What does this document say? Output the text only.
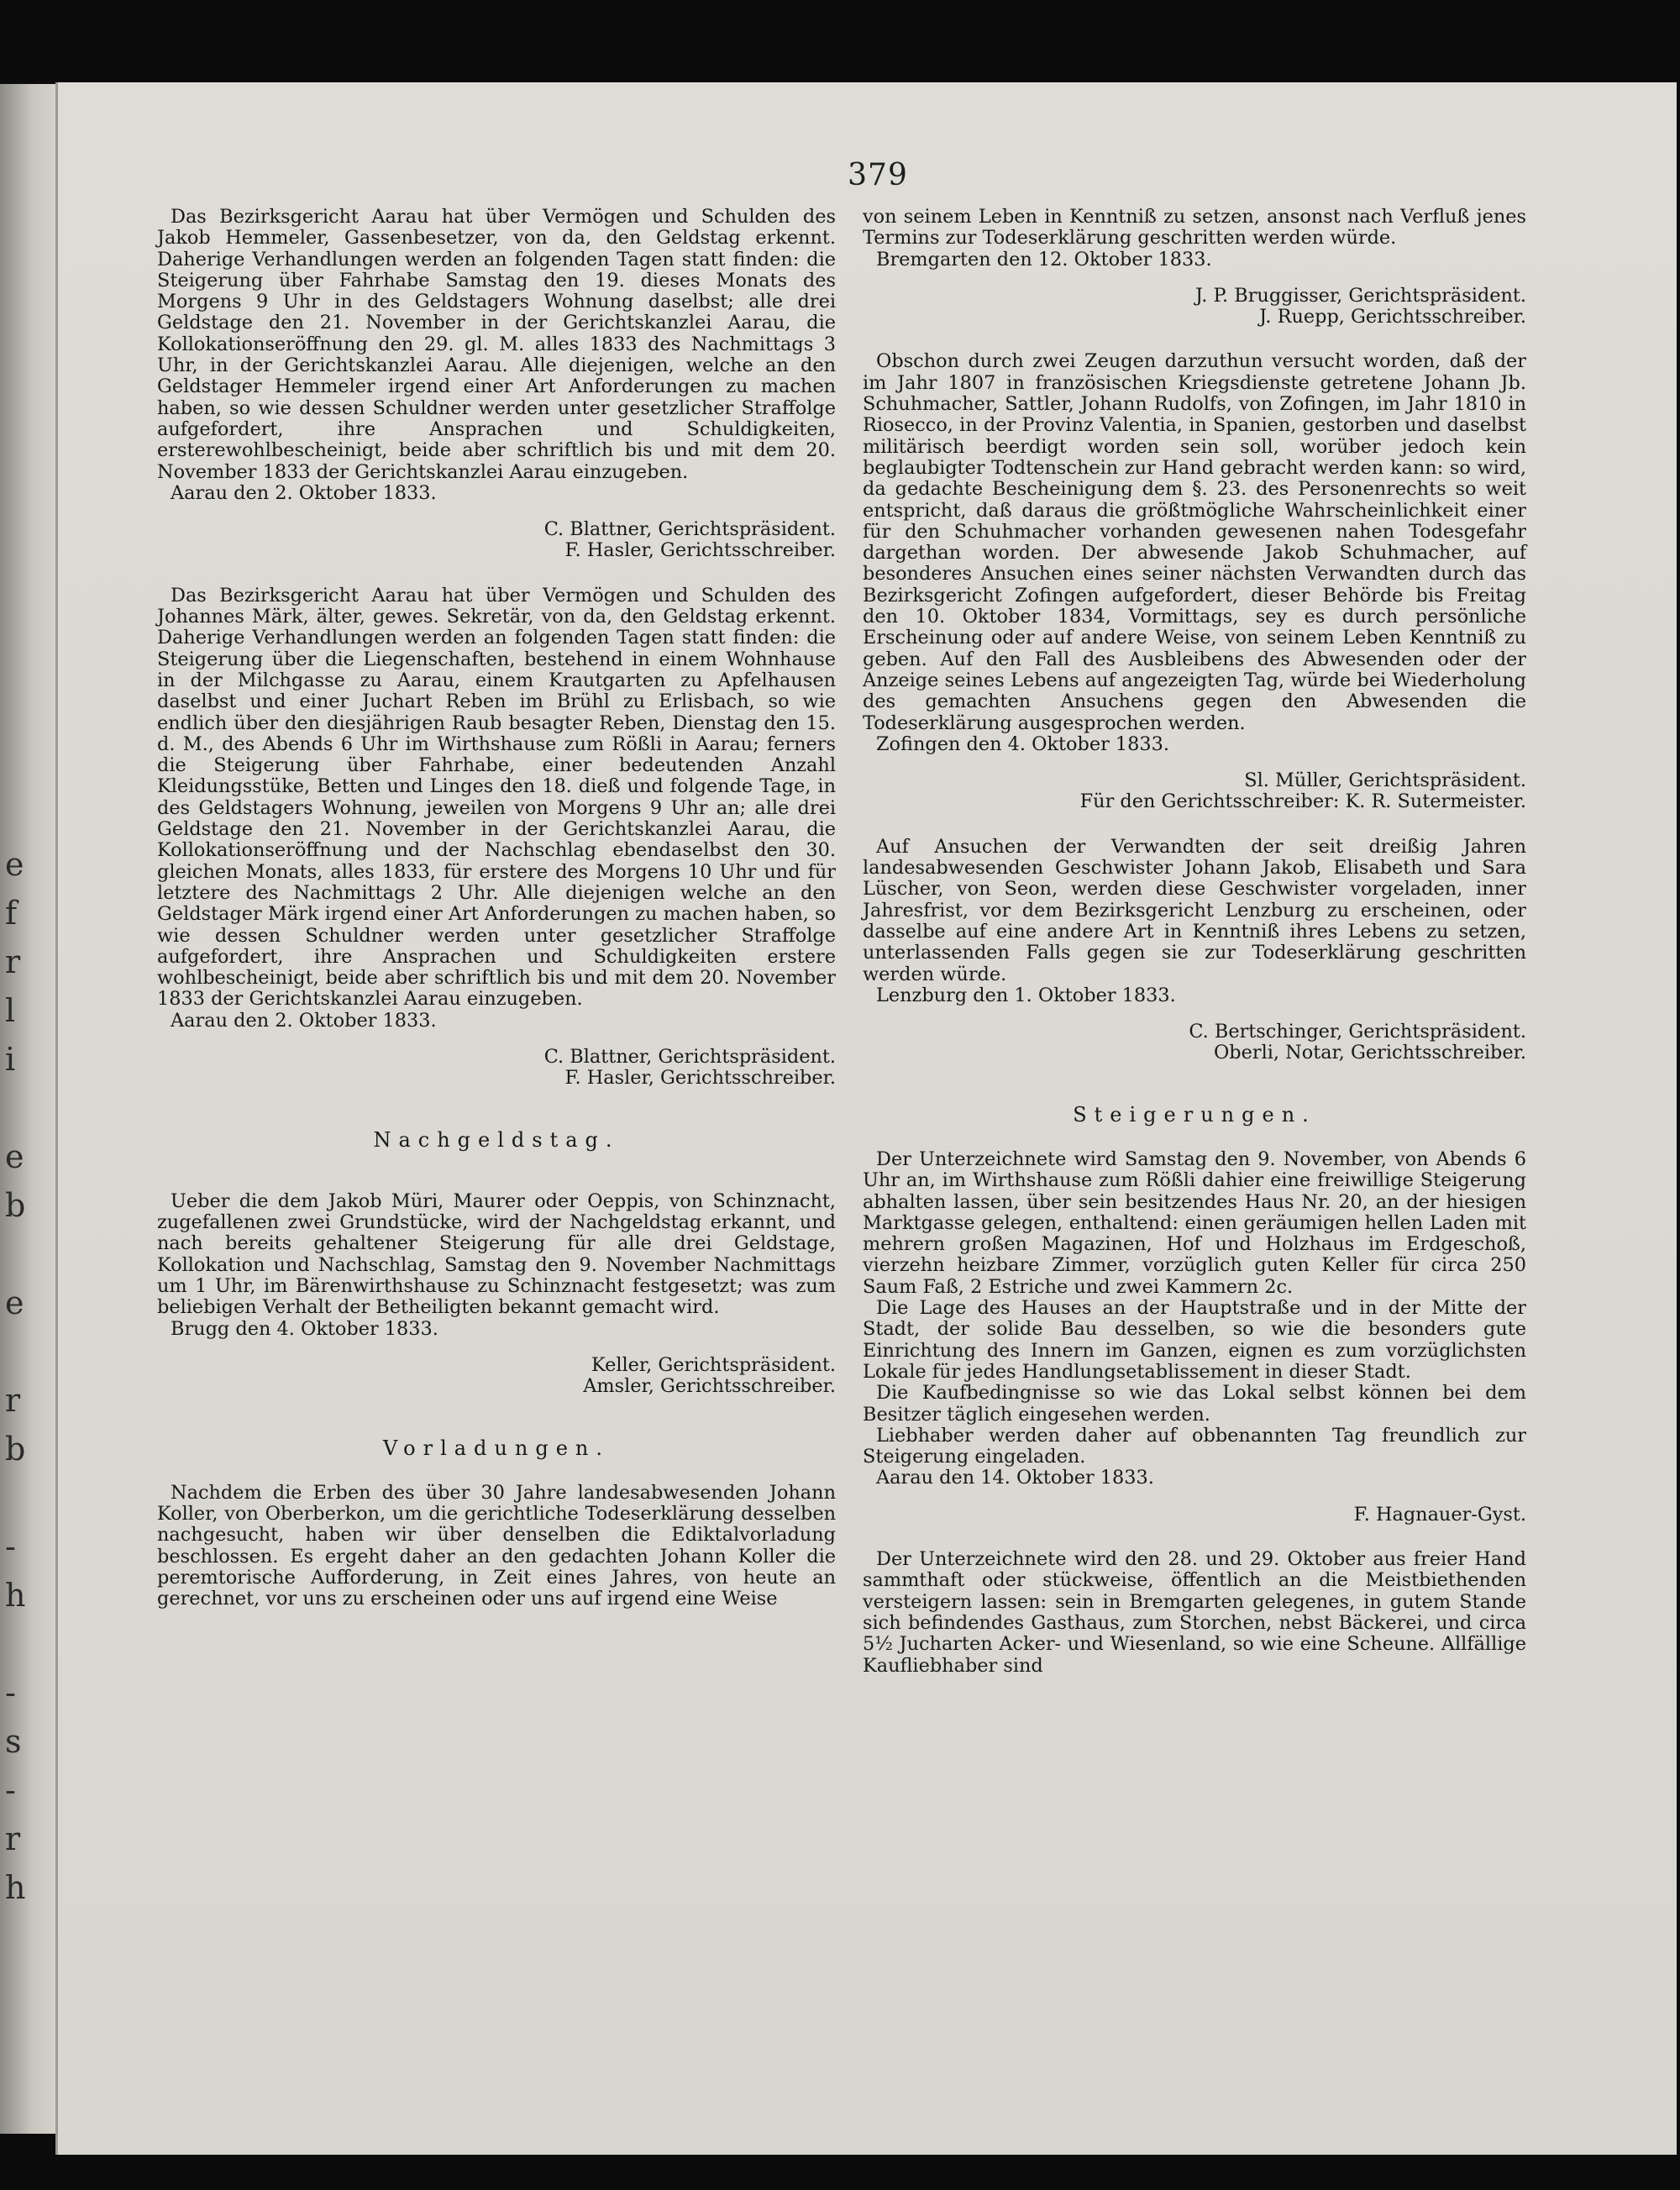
e
f
r
l
i

e
b

e

r
b

-
h

-
s
-
r
h
379

Das Bezirksgericht Aarau hat über Vermögen und Schulden des Jakob Hemmeler, Gassenbesetzer, von da, den Geldstag erkennt. Daherige Verhandlungen werden an folgenden Tagen statt finden: die Steigerung über Fahrhabe Samstag den 19. dieses Monats des Morgens 9 Uhr in des Geldstagers Wohnung daselbst; alle drei Geldstage den 21. November in der Gerichtskanzlei Aarau, die Kollokationseröffnung den 29. gl. M. alles 1833 des Nachmittags 3 Uhr, in der Gerichtskanzlei Aarau. Alle diejenigen, welche an den Geldstager Hemmeler irgend einer Art Anforderungen zu machen haben, so wie dessen Schuldner werden unter gesetzlicher Straffolge aufgefordert, ihre Ansprachen und Schuldigkeiten, ersterewohlbescheinigt, beide aber schriftlich bis und mit dem 20. November 1833 der Gerichtskanzlei Aarau einzugeben.

Aarau den 2. Oktober 1833.

C. Blattner, Gerichtspräsident.

F. Hasler, Gerichtsschreiber.

Das Bezirksgericht Aarau hat über Vermögen und Schulden des Johannes Märk, älter, gewes. Sekretär, von da, den Geldstag erkennt. Daherige Verhandlungen werden an folgenden Tagen statt finden: die Steigerung über die Liegenschaften, bestehend in einem Wohnhause in der Milchgasse zu Aarau, einem Krautgarten zu Apfelhausen daselbst und einer Juchart Reben im Brühl zu Erlisbach, so wie endlich über den diesjährigen Raub besagter Reben, Dienstag den 15. d. M., des Abends 6 Uhr im Wirthshause zum Rößli in Aarau; ferners die Steigerung über Fahrhabe, einer bedeutenden Anzahl Kleidungsstüke, Betten und Linges den 18. dieß und folgende Tage, in des Geldstagers Wohnung, jeweilen von Morgens 9 Uhr an; alle drei Geldstage den 21. November in der Gerichtskanzlei Aarau, die Kollokationseröffnung und der Nachschlag ebendaselbst den 30. gleichen Monats, alles 1833, für erstere des Morgens 10 Uhr und für letztere des Nachmittags 2 Uhr. Alle diejenigen welche an den Geldstager Märk irgend einer Art Anforderungen zu machen haben, so wie dessen Schuldner werden unter gesetzlicher Straffolge aufgefordert, ihre Ansprachen und Schuldigkeiten erstere wohlbescheinigt, beide aber schriftlich bis und mit dem 20. November 1833 der Gerichtskanzlei Aarau einzugeben.

Aarau den 2. Oktober 1833.

C. Blattner, Gerichtspräsident.

F. Hasler, Gerichtsschreiber.

Nachgeldstag.

Ueber die dem Jakob Müri, Maurer oder Oeppis, von Schinznacht, zugefallenen zwei Grundstücke, wird der Nachgeldstag erkannt, und nach bereits gehaltener Steigerung für alle drei Geldstage, Kollokation und Nachschlag, Samstag den 9. November Nachmittags um 1 Uhr, im Bärenwirthshause zu Schinznacht festgesetzt; was zum beliebigen Verhalt der Betheiligten bekannt gemacht wird.

Brugg den 4. Oktober 1833.

Keller, Gerichtspräsident.

Amsler, Gerichtsschreiber.

Vorladungen.

Nachdem die Erben des über 30 Jahre landesabwesenden Johann Koller, von Oberberkon, um die gerichtliche Todeserklärung desselben nachgesucht, haben wir über denselben die Ediktalvorladung beschlossen. Es ergeht daher an den gedachten Johann Koller die peremtorische Aufforderung, in Zeit eines Jahres, von heute an gerechnet, vor uns zu erscheinen oder uns auf irgend eine Weise

von seinem Leben in Kenntniß zu setzen, ansonst nach Verfluß jenes Termins zur Todeserklärung geschritten werden würde.

Bremgarten den 12. Oktober 1833.

J. P. Bruggisser, Gerichtspräsident.

J. Ruepp, Gerichtsschreiber.

Obschon durch zwei Zeugen darzuthun versucht worden, daß der im Jahr 1807 in französischen Kriegsdienste getretene Johann Jb. Schuhmacher, Sattler, Johann Rudolfs, von Zofingen, im Jahr 1810 in Riosecco, in der Provinz Valentia, in Spanien, gestorben und daselbst militärisch beerdigt worden sein soll, worüber jedoch kein beglaubigter Todtenschein zur Hand gebracht werden kann: so wird, da gedachte Bescheinigung dem §. 23. des Personenrechts so weit entspricht, daß daraus die größtmögliche Wahrscheinlichkeit einer für den Schuhmacher vorhanden gewesenen nahen Todesgefahr dargethan worden. Der abwesende Jakob Schuhmacher, auf besonderes Ansuchen eines seiner nächsten Verwandten durch das Bezirksgericht Zofingen aufgefordert, dieser Behörde bis Freitag den 10. Oktober 1834, Vormittags, sey es durch persönliche Erscheinung oder auf andere Weise, von seinem Leben Kenntniß zu geben. Auf den Fall des Ausbleibens des Abwesenden oder der Anzeige seines Lebens auf angezeigten Tag, würde bei Wiederholung des gemachten Ansuchens gegen den Abwesenden die Todeserklärung ausgesprochen werden.

Zofingen den 4. Oktober 1833.

Sl. Müller, Gerichtspräsident.

Für den Gerichtsschreiber: K. R. Sutermeister.

Auf Ansuchen der Verwandten der seit dreißig Jahren landesabwesenden Geschwister Johann Jakob, Elisabeth und Sara Lüscher, von Seon, werden diese Geschwister vorgeladen, inner Jahresfrist, vor dem Bezirksgericht Lenzburg zu erscheinen, oder dasselbe auf eine andere Art in Kenntniß ihres Lebens zu setzen, unterlassenden Falls gegen sie zur Todeserklärung geschritten werden würde.

Lenzburg den 1. Oktober 1833.

C. Bertschinger, Gerichtspräsident.

Oberli, Notar, Gerichtsschreiber.

Steigerungen.

Der Unterzeichnete wird Samstag den 9. November, von Abends 6 Uhr an, im Wirthshause zum Rößli dahier eine freiwillige Steigerung abhalten lassen, über sein besitzendes Haus Nr. 20, an der hiesigen Marktgasse gelegen, enthaltend: einen geräumigen hellen Laden mit mehrern großen Magazinen, Hof und Holzhaus im Erdgeschoß, vierzehn heizbare Zimmer, vorzüglich guten Keller für circa 250 Saum Faß, 2 Estriche und zwei Kammern 2c.

Die Lage des Hauses an der Hauptstraße und in der Mitte der Stadt, der solide Bau desselben, so wie die besonders gute Einrichtung des Innern im Ganzen, eignen es zum vorzüglichsten Lokale für jedes Handlungsetablissement in dieser Stadt.

Die Kaufbedingnisse so wie das Lokal selbst können bei dem Besitzer täglich eingesehen werden.

Liebhaber werden daher auf obbenannten Tag freundlich zur Steigerung eingeladen.

Aarau den 14. Oktober 1833.

F. Hagnauer-Gyst.

Der Unterzeichnete wird den 28. und 29. Oktober aus freier Hand sammthaft oder stückweise, öffentlich an die Meistbiethenden versteigern lassen: sein in Bremgarten gelegenes, in gutem Stande sich befindendes Gasthaus, zum Storchen, nebst Bäckerei, und circa 5½ Jucharten Acker- und Wiesenland, so wie eine Scheune. Allfällige Kaufliebhaber sind
